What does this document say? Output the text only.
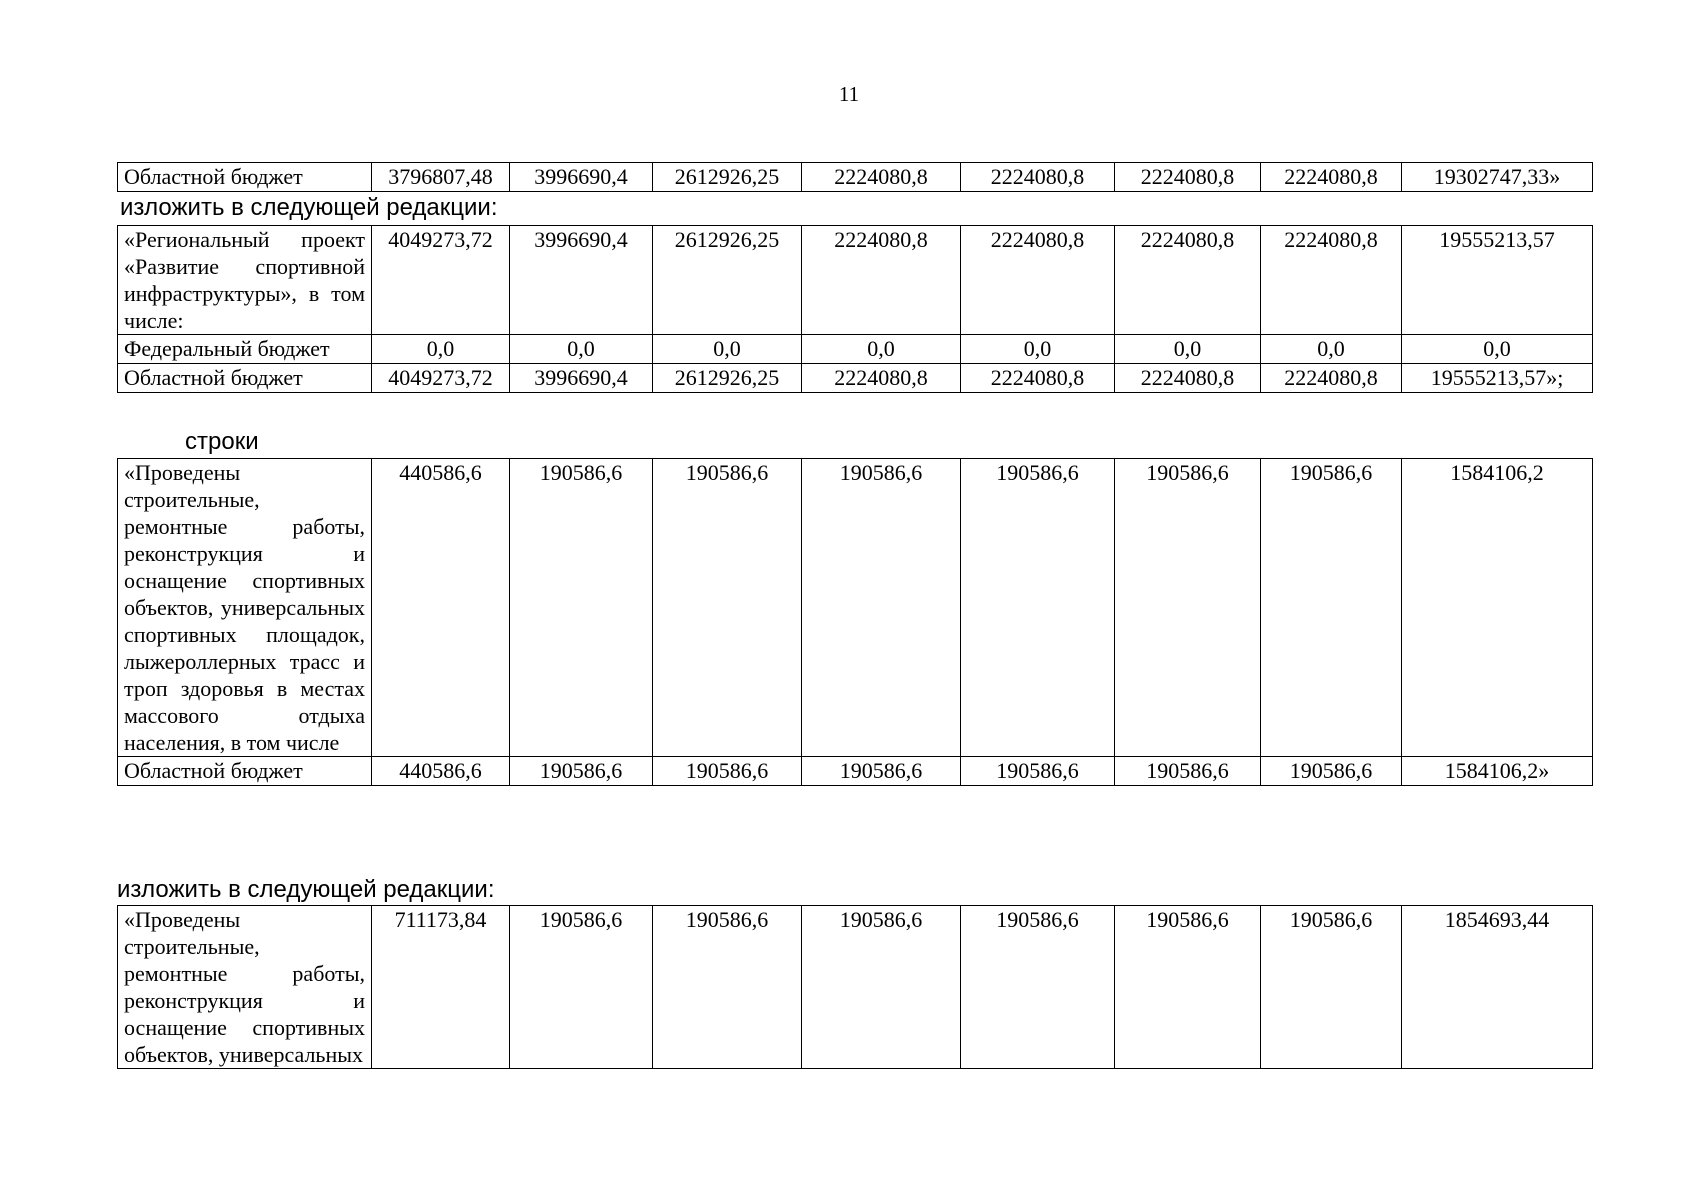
11
Областной бюджет	3796807,48	3996690,4	2612926,25	2224080,8	2224080,8	2224080,8	2224080,8	19302747,33»
изложить в следующей редакции:
«Региональный проект «Развитие спортивной инфраструктуры», в том числе:	4049273,72	3996690,4	2612926,25	2224080,8	2224080,8	2224080,8	2224080,8	19555213,57
Федеральный бюджет	0,0	0,0	0,0	0,0	0,0	0,0	0,0	0,0
Областной бюджет	4049273,72	3996690,4	2612926,25	2224080,8	2224080,8	2224080,8	2224080,8	19555213,57»;
строки
«Проведены строительные, ремонтные работы, реконструкция и оснащение спортивных объектов, универсальных спортивных площадок, лыжероллерных трасс и троп здоровья в местах массового отдыха населения, в том числе	440586,6	190586,6	190586,6	190586,6	190586,6	190586,6	190586,6	1584106,2
Областной бюджет	440586,6	190586,6	190586,6	190586,6	190586,6	190586,6	190586,6	1584106,2»
изложить в следующей редакции:
«Проведены строительные, ремонтные работы, реконструкция и оснащение спортивных объектов, универсальных	711173,84	190586,6	190586,6	190586,6	190586,6	190586,6	190586,6	1854693,44
